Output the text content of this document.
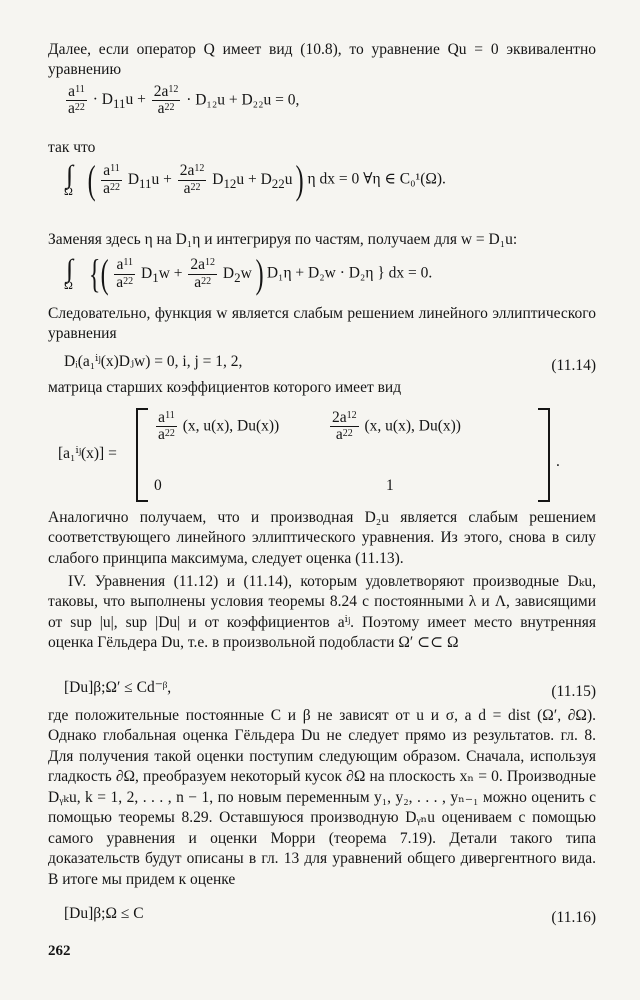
Далее, если оператор Q имеет вид (10.8), то уравнение Qu = 0 эквивалентно уравнению
$\frac{a^{11}}{a^{22}} \cdot D_{11}u + \frac{2a^{12}}{a^{22}} \cdot D_{12}u + D_{22}u = 0$,
так что
∫
Ω ( $\frac{a^{11}}{a^{22}} D_{11}u + \frac{2a^{12}}{a^{22}} D_{12}u + D_{22}u$ ) η dx = 0 ∀η ∈ C₀¹(Ω).
Заменяя здесь η на D₁η и интегрируя по частям, получаем для w = D₁u:
∫
Ω {( $\frac{a^{11}}{a^{22}} D_1w + \frac{2a^{12}}{a^{22}} D_2w$ ) D₁η + D₂w · D₂η } dx = 0.
Следовательно, функция w является слабым решением линейного эллиптического уравнения
Dᵢ(a₁ⁱʲ(x)Dⱼw) = 0, i, j = 1, 2,	(11.14)
матрица старших коэффициентов которого имеет вид
[a₁ⁱʲ(x)] =
$\frac{a^{11}}{a^{22}} (x$, u(x), Du(x))	$\frac{2a^{12}}{a^{22}} (x$, u(x), Du(x))
0	1
.
Аналогично получаем, что и производная D₂u является слабым решением соответствующего линейного эллиптического уравнения. Из этого, снова в силу слабого принципа максимума, следует оценка (11.13).
IV. Уравнения (11.12) и (11.14), которым удовлетворяют производные Dₖu, таковы, что выполнены условия теоремы 8.24 с постоянными λ и Λ, зависящими от sup |u|, sup |Du| и от коэффициентов aⁱʲ. Поэтому имеет место внутренняя оценка Гёльдера Du, т.е. в произвольной подобласти Ω′ ⊂⊂ Ω
[Du]β;Ω′ ≤ Cd⁻ᵝ,	(11.15)
где положительные постоянные C и β не зависят от u и σ, а d = dist (Ω′, ∂Ω). Однако глобальная оценка Гёльдера Du не следует прямо из результатов. гл. 8. Для получения такой оценки поступим следующим образом. Сначала, используя гладкость ∂Ω, преобразуем некоторый кусок ∂Ω на плоскость xₙ = 0. Производные Dᵧₖu, k = 1, 2, . . . , n − 1, по новым переменным y₁, y₂, . . . , yₙ₋₁ можно оценить с помощью теоремы 8.29. Оставшуюся производную Dᵧₙu оцениваем с помощью самого уравнения и оценки Морри (теорема 7.19). Детали такого типа доказательств будут описаны в гл. 13 для уравнений общего дивергентного вида. В итоге мы придем к оценке
[Du]β;Ω ≤ C	(11.16)
262
